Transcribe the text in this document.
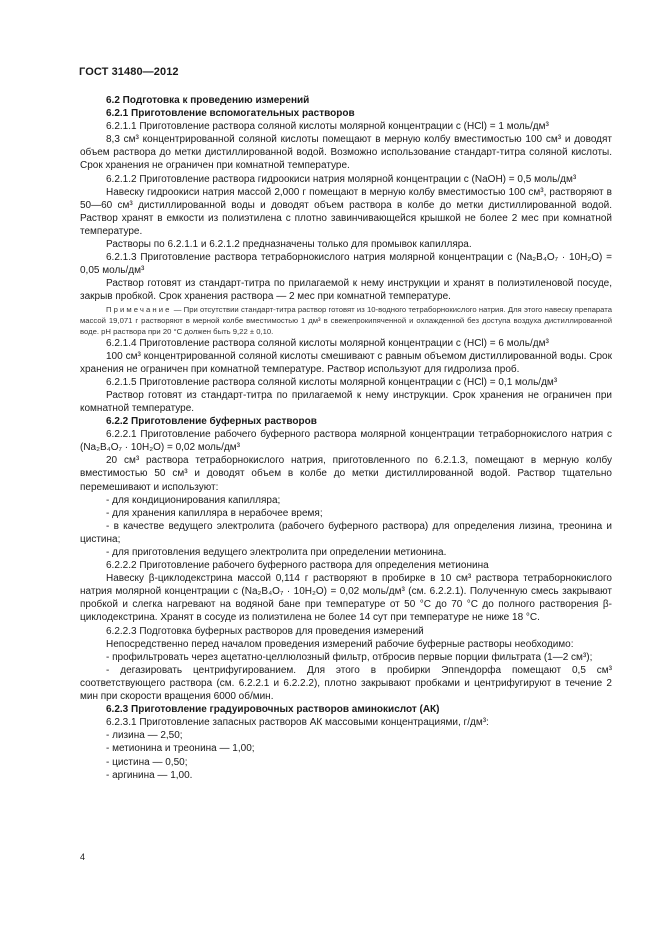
ГОСТ 31480—2012

6.2 Подготовка к проведению измерений

6.2.1 Приготовление вспомогательных растворов

6.2.1.1 Приготовление раствора соляной кислоты молярной концентрации c (HCl) = 1 моль/дм³

8,3 см³ концентрированной соляной кислоты помещают в мерную колбу вместимостью 100 см³ и доводят объем раствора до метки дистиллированной водой. Возможно использование стандарт-титра соляной кислоты. Срок хранения не ограничен при комнатной температуре.

6.2.1.2 Приготовление раствора гидроокиси натрия молярной концентрации c (NaOH) = 0,5 моль/дм³

Навеску гидроокиси натрия массой 2,000 г помещают в мерную колбу вместимостью 100 см³, растворяют в 50—60 см³ дистиллированной воды и доводят объем раствора в колбе до метки дистиллированной водой. Раствор хранят в емкости из полиэтилена с плотно завинчивающейся крышкой не более 2 мес при комнатной температуре.

Растворы по 6.2.1.1 и 6.2.1.2 предназначены только для промывок капилляра.

6.2.1.3 Приготовление раствора тетраборнокислого натрия молярной концентрации c (Na₂B₄O₇ · 10H₂O) = 0,05 моль/дм³

Раствор готовят из стандарт-титра по прилагаемой к нему инструкции и хранят в полиэтиленовой посуде, закрыв пробкой. Срок хранения раствора — 2 мес при комнатной температуре.

Примечание — При отсутствии стандарт-титра раствор готовят из 10-водного тетраборнокислого натрия. Для этого навеску препарата массой 19,071 г растворяют в мерной колбе вместимостью 1 дм³ в свежепрокипяченной и охлажденной без доступа воздуха дистиллированной воде. pH раствора при 20 °С должен быть 9,22 ± 0,10.

6.2.1.4 Приготовление раствора соляной кислоты молярной концентрации c (HCl) = 6 моль/дм³

100 см³ концентрированной соляной кислоты смешивают с равным объемом дистиллированной воды. Срок хранения не ограничен при комнатной температуре. Раствор используют для гидролиза проб.

6.2.1.5 Приготовление раствора соляной кислоты молярной концентрации c (HCl) = 0,1 моль/дм³

Раствор готовят из стандарт-титра по прилагаемой к нему инструкции. Срок хранения не ограничен при комнатной температуре.

6.2.2 Приготовление буферных растворов

6.2.2.1 Приготовление рабочего буферного раствора молярной концентрации тетраборнокислого натрия c (Na₂B₄O₇ · 10H₂O) = 0,02 моль/дм³

20 см³ раствора тетраборнокислого натрия, приготовленного по 6.2.1.3, помещают в мерную колбу вместимостью 50 см³ и доводят объем в колбе до метки дистиллированной водой. Раствор тщательно перемешивают и используют:

- для кондиционирования капилляра;

- для хранения капилляра в нерабочее время;

- в качестве ведущего электролита (рабочего буферного раствора) для определения лизина, треонина и цистина;

- для приготовления ведущего электролита при определении метионина.

6.2.2.2 Приготовление рабочего буферного раствора для определения метионина

Навеску β-циклодекстрина массой 0,114 г растворяют в пробирке в 10 см³ раствора тетраборнокислого натрия молярной концентрации c (Na₂B₄O₇ · 10H₂O) = 0,02 моль/дм³ (см. 6.2.2.1). Полученную смесь закрывают пробкой и слегка нагревают на водяной бане при температуре от 50 °С до 70 °С до полного растворения β-циклодекстрина. Хранят в сосуде из полиэтилена не более 14 сут при температуре не ниже 18 °С.

6.2.2.3 Подготовка буферных растворов для проведения измерений

Непосредственно перед началом проведения измерений рабочие буферные растворы необходимо:

- профильтровать через ацетатно-целлюлозный фильтр, отбросив первые порции фильтрата (1—2 см³);

- дегазировать центрифугированием. Для этого в пробирки Эппендорфа помещают 0,5 см³ соответствующего раствора (см. 6.2.2.1 и 6.2.2.2), плотно закрывают пробками и центрифугируют в течение 2 мин при скорости вращения 6000 об/мин.

6.2.3 Приготовление градуировочных растворов аминокислот (АК)

6.2.3.1 Приготовление запасных растворов АК массовыми концентрациями, г/дм³:

- лизина — 2,50;

- метионина и треонина — 1,00;

- цистина — 0,50;

- аргинина — 1,00.

4
